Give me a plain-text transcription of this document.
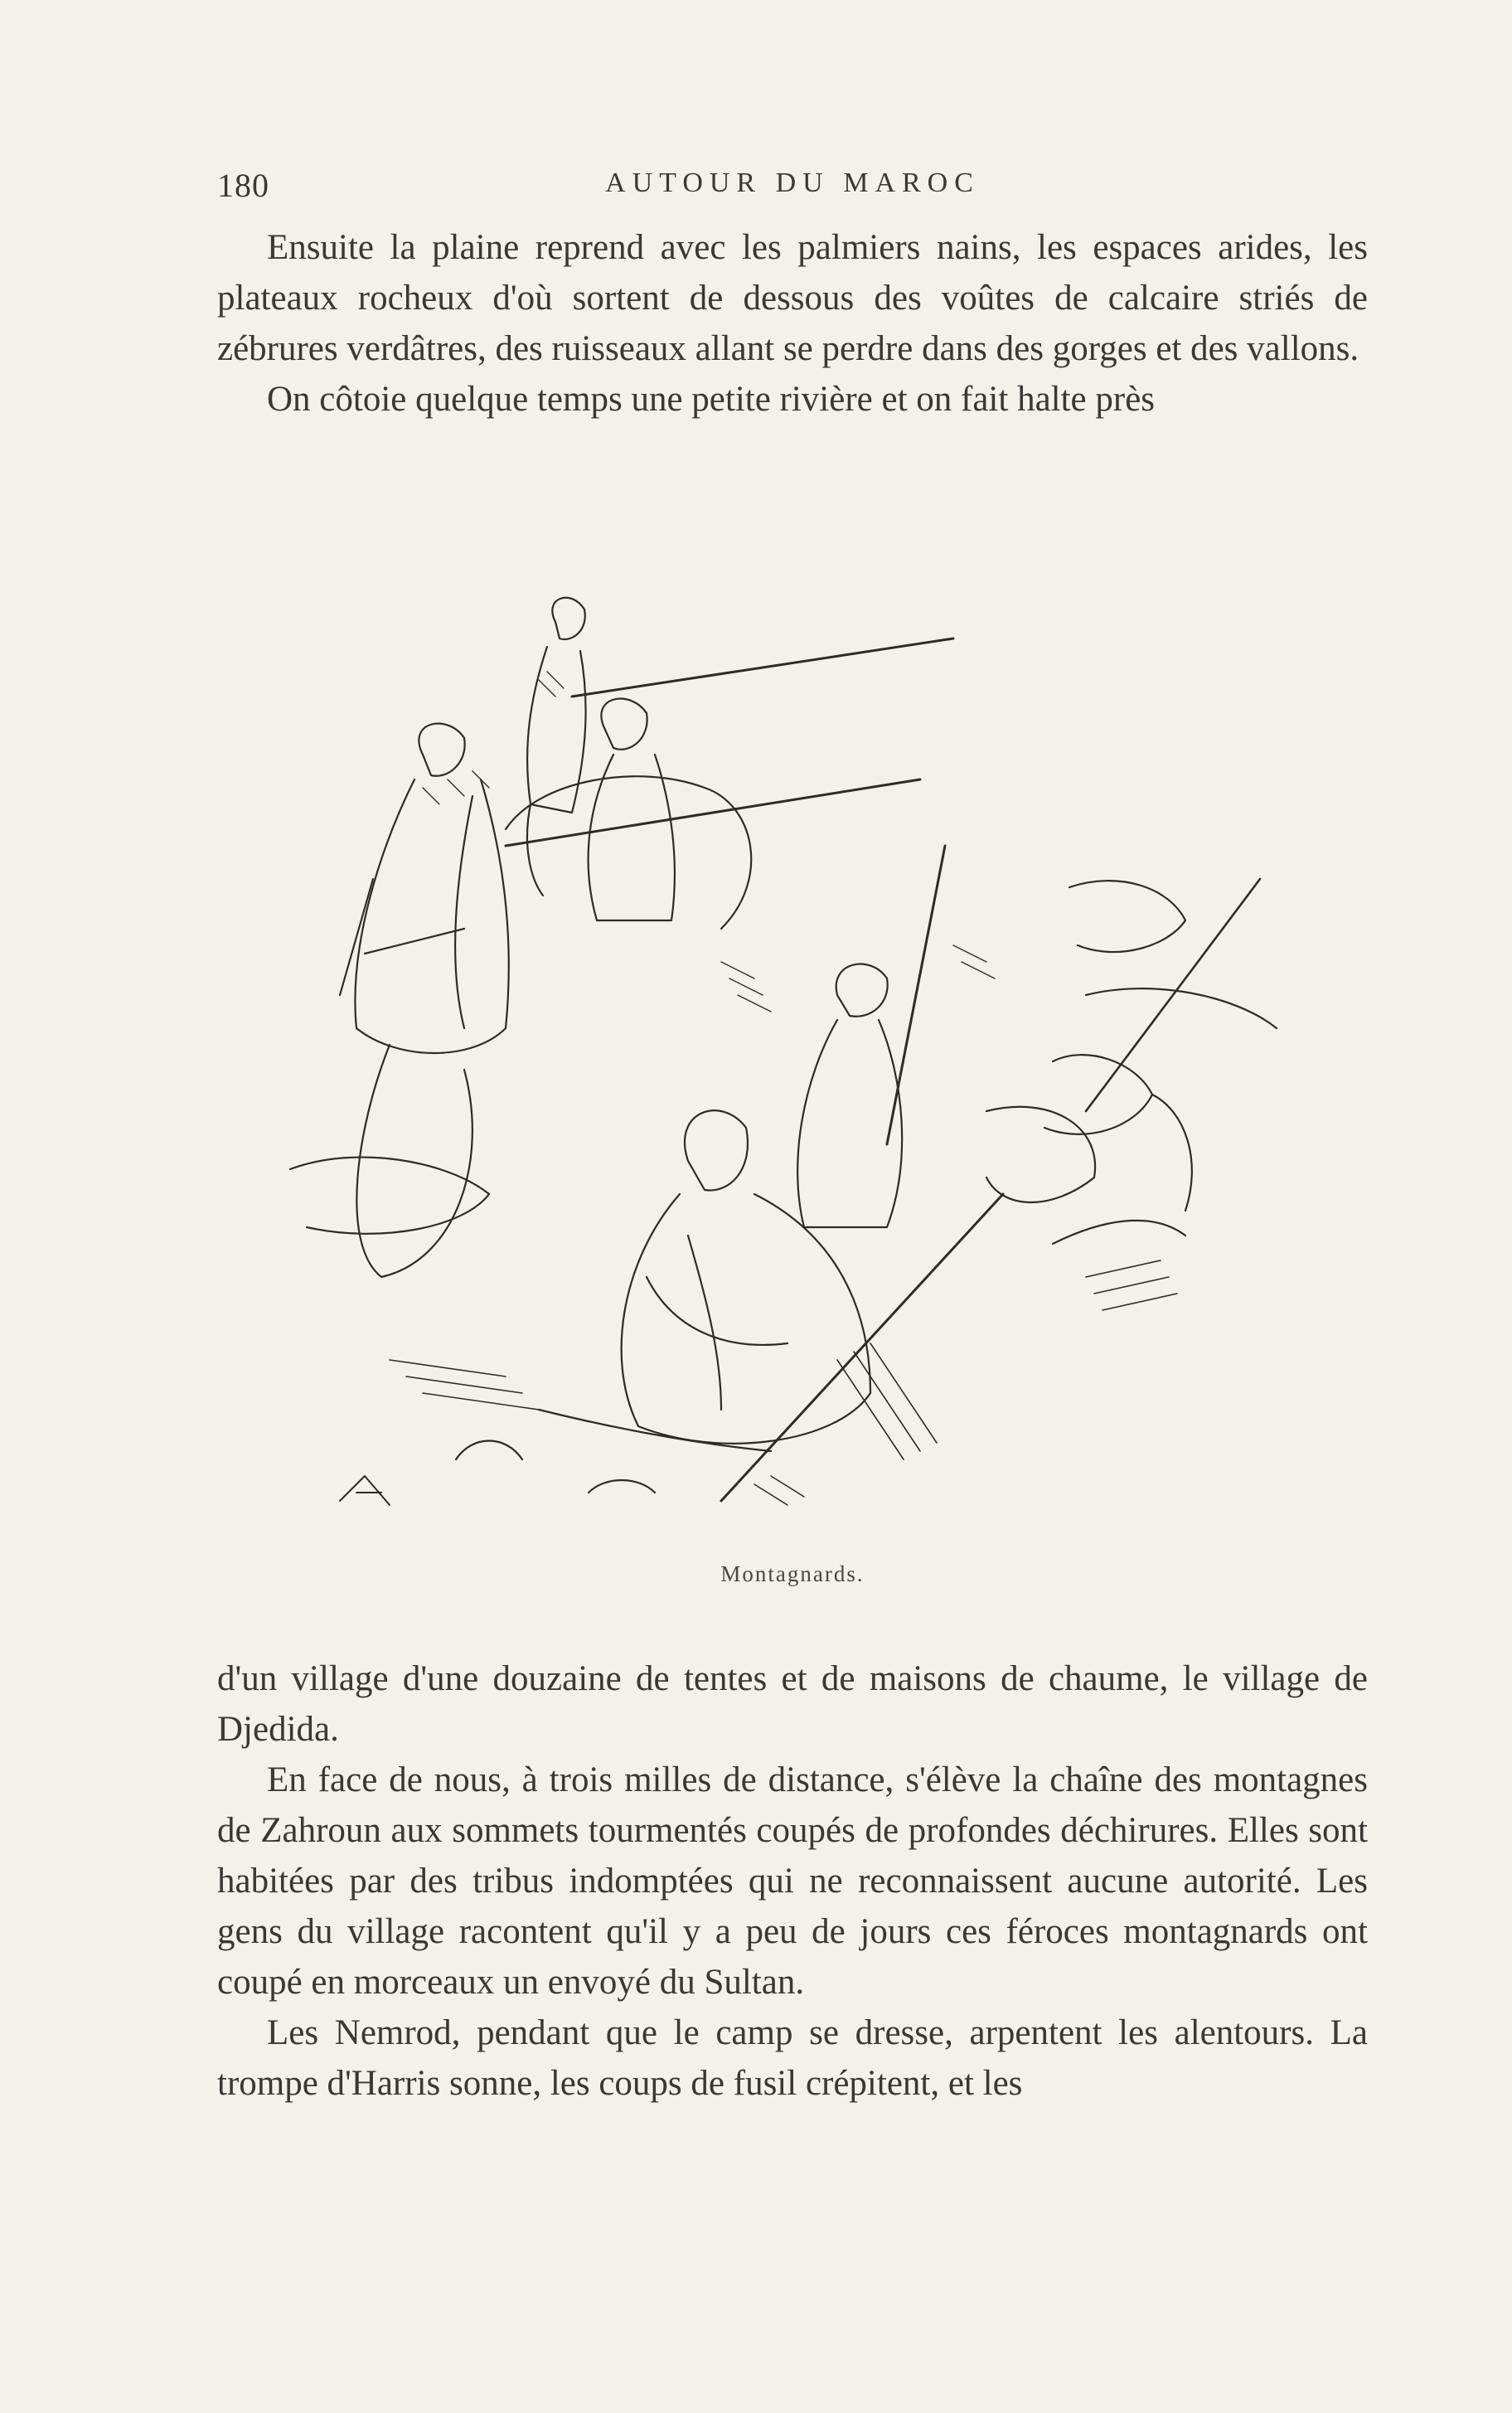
180	AUTOUR DU MAROC

Ensuite la plaine reprend avec les palmiers nains, les espaces arides, les plateaux rocheux d'où sortent de dessous des voûtes de calcaire striés de zébrures verdâtres, des ruisseaux allant se perdre dans des gorges et des vallons.

On côtoie quelque temps une petite rivière et on fait halte près

Montagnards.

d'un village d'une douzaine de tentes et de maisons de chaume, le village de Djedida.

En face de nous, à trois milles de distance, s'élève la chaîne des montagnes de Zahroun aux sommets tourmentés coupés de profondes déchirures. Elles sont habitées par des tribus indomptées qui ne reconnaissent aucune autorité. Les gens du village racontent qu'il y a peu de jours ces féroces montagnards ont coupé en morceaux un envoyé du Sultan.

Les Nemrod, pendant que le camp se dresse, arpentent les alentours. La trompe d'Harris sonne, les coups de fusil crépitent, et les
